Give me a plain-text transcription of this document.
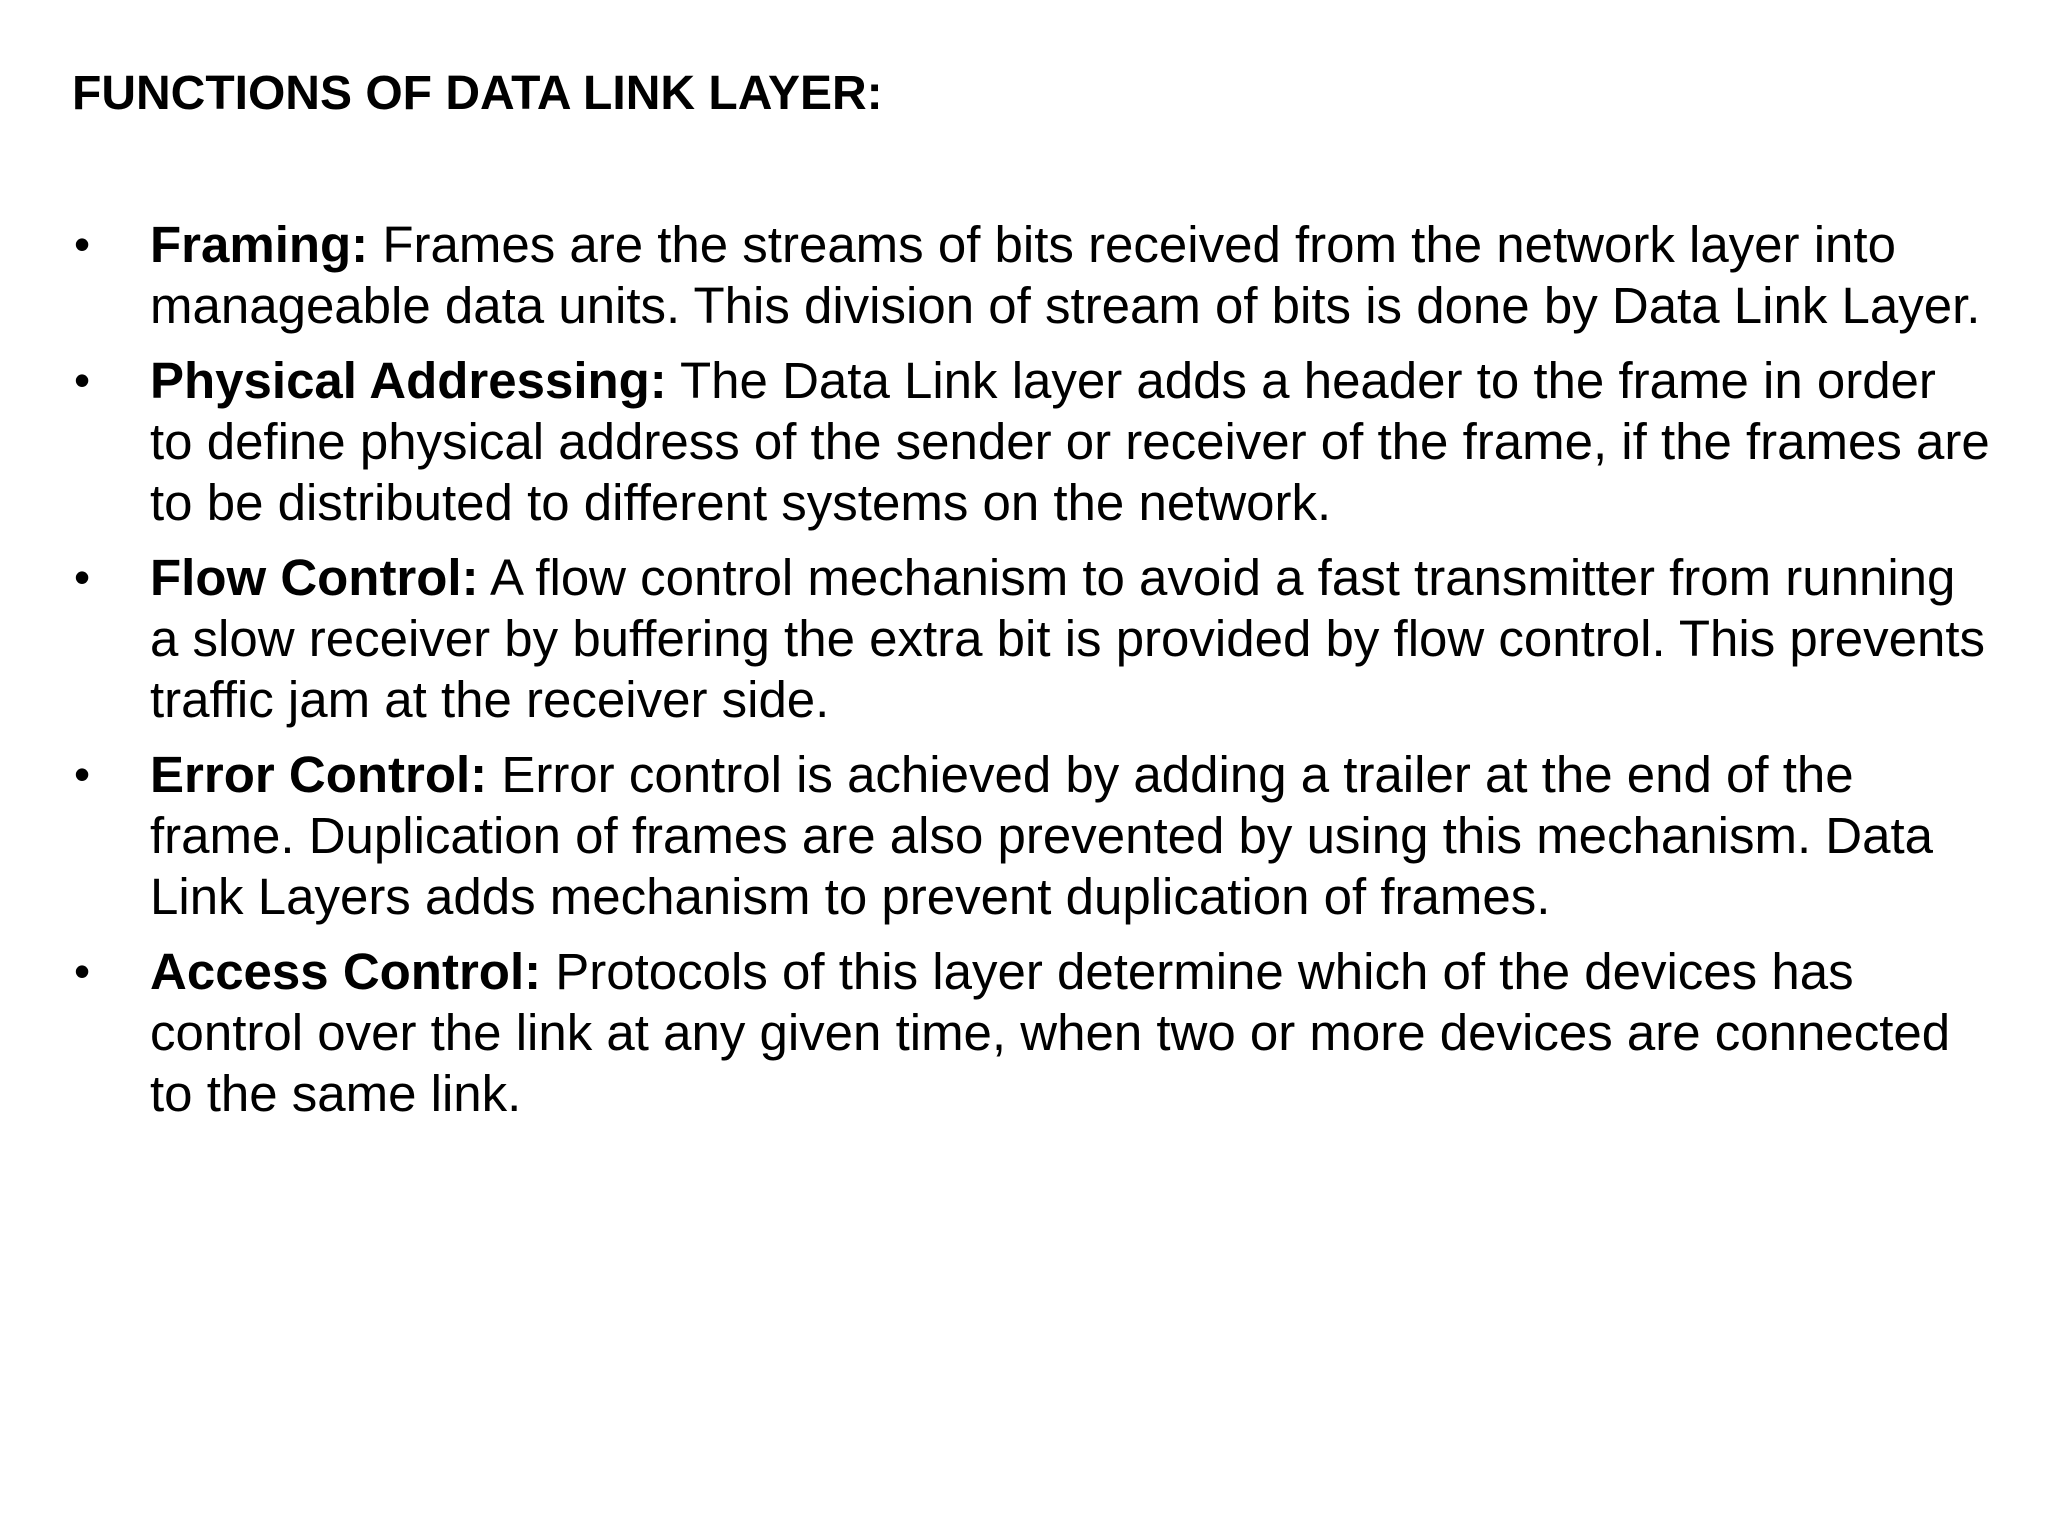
FUNCTIONS OF DATA LINK LAYER:
• Framing: Frames are the streams of bits received from the network layer into manageable data units. This division of stream of bits is done by Data Link Layer.
• Physical Addressing: The Data Link layer adds a header to the frame in order to define physical address of the sender or receiver of the frame, if the frames are to be distributed to different systems on the network.
• Flow Control: A flow control mechanism to avoid a fast transmitter from running a slow receiver by buffering the extra bit is provided by flow control. This prevents traffic jam at the receiver side.
• Error Control: Error control is achieved by adding a trailer at the end of the frame. Duplication of frames are also prevented by using this mechanism. Data Link Layers adds mechanism to prevent duplication of frames.
• Access Control: Protocols of this layer determine which of the devices has control over the link at any given time, when two or more devices are connected to the same link.
